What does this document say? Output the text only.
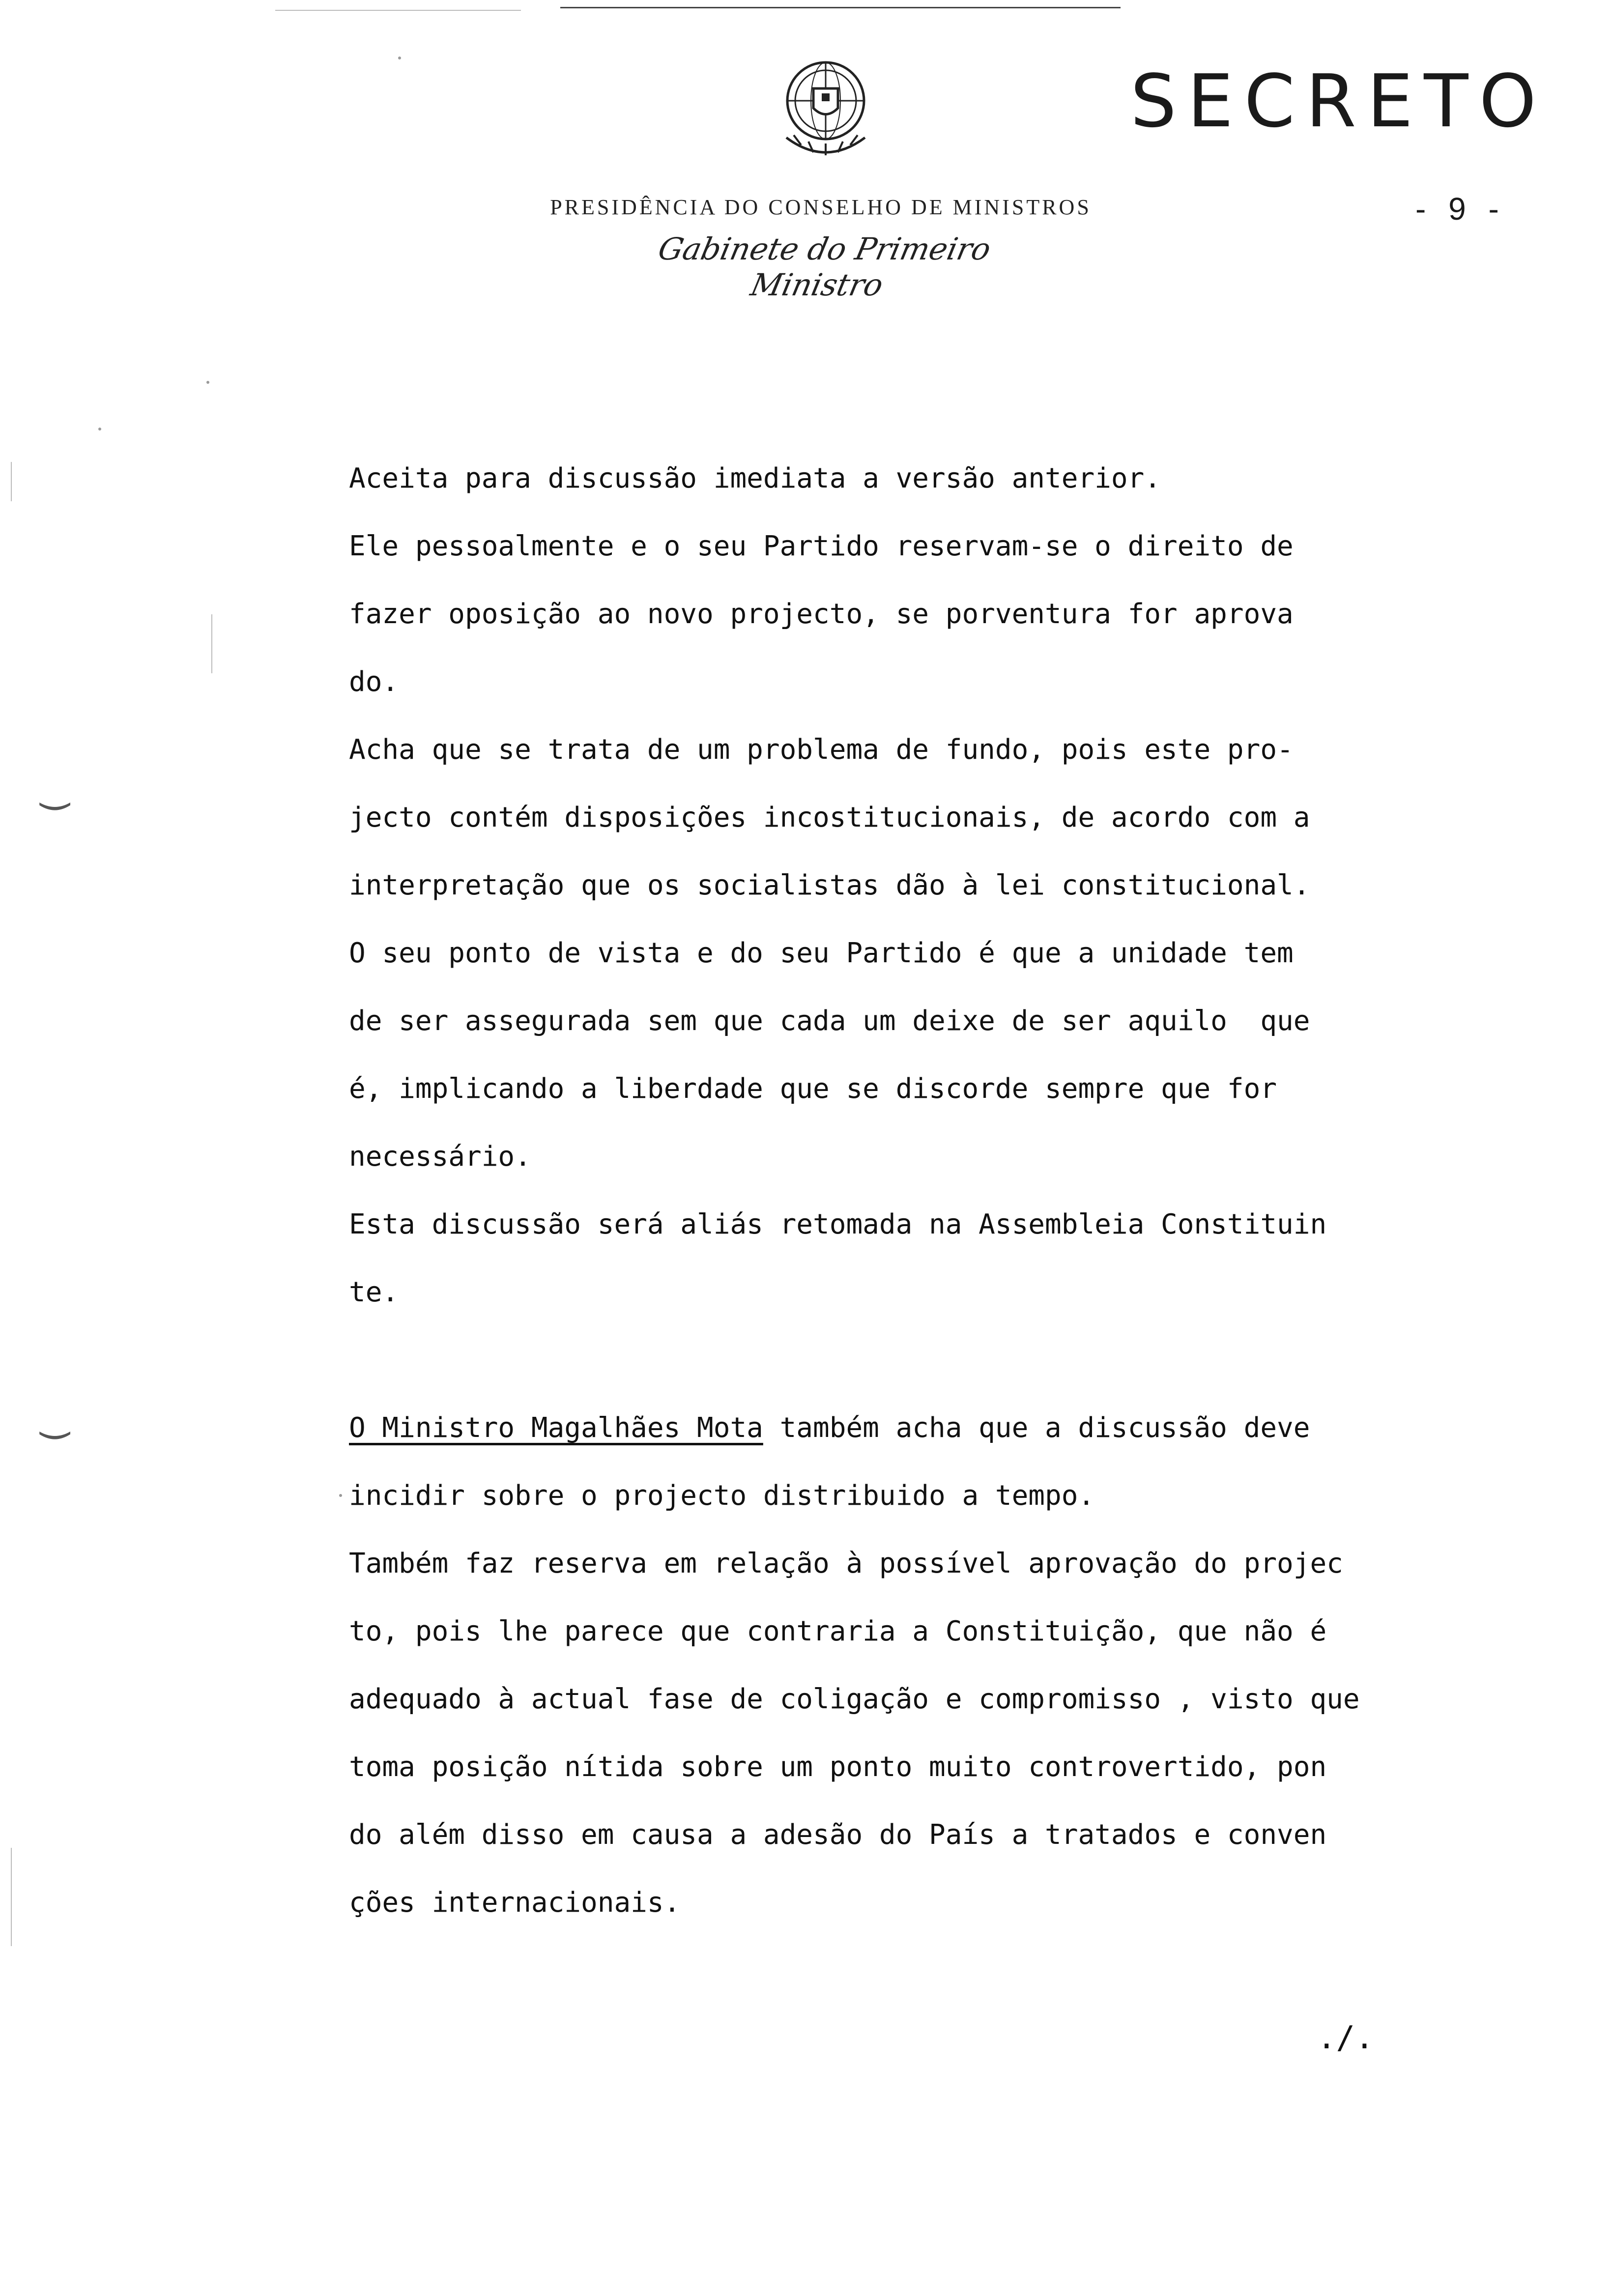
SECRETO
- 9 -
PRESIDÊNCIA DO CONSELHO DE MINISTROS
Gabinete do Primeiro Ministro
Aceita para discussão imediata a versão anterior.
Ele pessoalmente e o seu Partido reservam-se o direito de
fazer oposição ao novo projecto, se porventura for aprova
do.
Acha que se trata de um problema de fundo, pois este pro-
jecto contém disposições incostitucionais, de acordo com a
interpretação que os socialistas dão à lei constitucional.
O seu ponto de vista e do seu Partido é que a unidade tem
de ser assegurada sem que cada um deixe de ser aquilo  que
é, implicando a liberdade que se discorde sempre que for
necessário.
Esta discussão será aliás retomada na Assembleia Constituin
te.
O Ministro Magalhães Mota também acha que a discussão deve
incidir sobre o projecto distribuido a tempo.
Também faz reserva em relação à possível aprovação do projec
to, pois lhe parece que contraria a Constituição, que não é
adequado à actual fase de coligação e compromisso , visto que
toma posição nítida sobre um ponto muito controvertido, pon
do além disso em causa a adesão do País a tratados e conven
ções internacionais.
./.
)
)
